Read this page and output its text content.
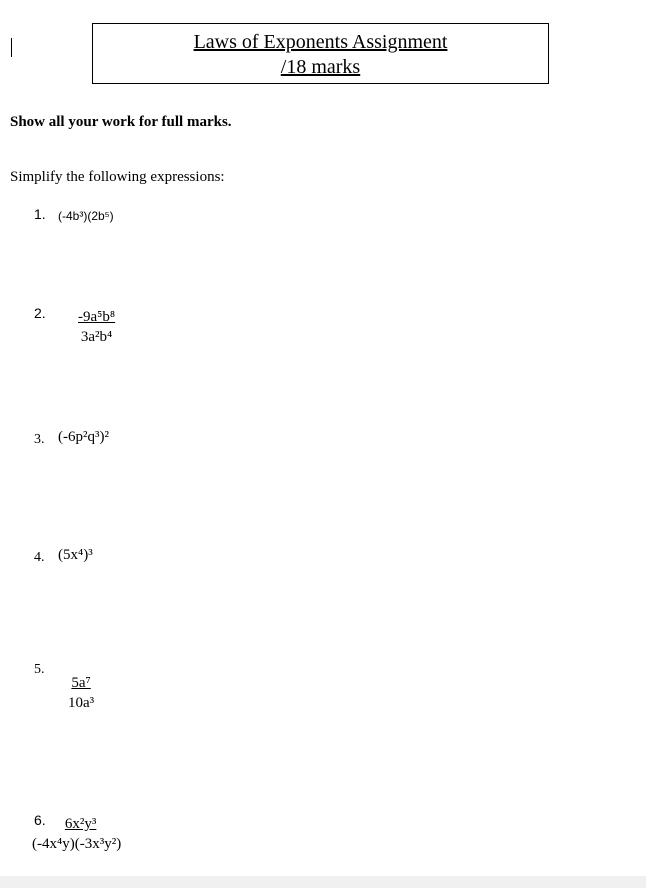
Laws of Exponents Assignment
/18 marks
Show all your work for full marks.
Simplify the following expressions:
1. (-4b³)(2b⁵)
2. $\frac{\text{-9a⁵b⁸}}{\text{3a²b⁴}}$
3. (-6p²q³)²
4. (5x⁴)³
5.
$\frac{\text{5a⁷}}{\text{10a³}}$
6.
$\frac{\text{6x²y³}}{\text{(-4x⁴y)(-3x³y²)}}$
